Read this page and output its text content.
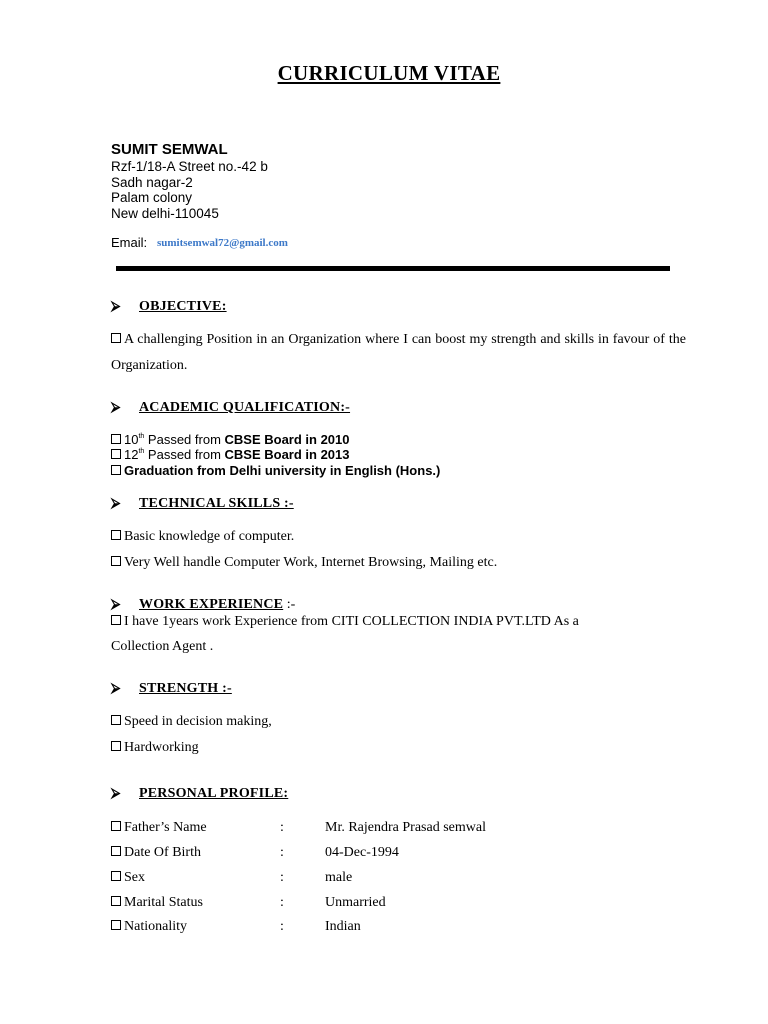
CURRICULUM VITAE
SUMIT SEMWAL
Rzf-1/18-A Street no.-42 b
Sadh nagar-2
Palam colony
New delhi-110045
Email: sumitsemwal72@gmail.com
⮚ OBJECTIVE:
A challenging Position in an Organization where I can boost my strength and skills in favour of the Organization.
⮚ ACADEMIC QUALIFICATION:-
10th Passed from CBSE Board in 2010
12th Passed from CBSE Board in 2013
Graduation from Delhi university in English (Hons.)
⮚ TECHNICAL SKILLS :-
Basic knowledge of computer.
Very Well handle Computer Work, Internet Browsing, Mailing etc.
⮚ WORK EXPERIENCE :-
I have 1years work Experience from CITI COLLECTION INDIA PVT.LTD As a
Collection Agent .
⮚ STRENGTH :-
Speed in decision making,
Hardworking
⮚ PERSONAL PROFILE:
Father’s Name	:	Mr. Rajendra Prasad semwal
Date Of Birth	:	04-Dec-1994
Sex	:	male
Marital Status	:	Unmarried
Nationality	:	Indian
